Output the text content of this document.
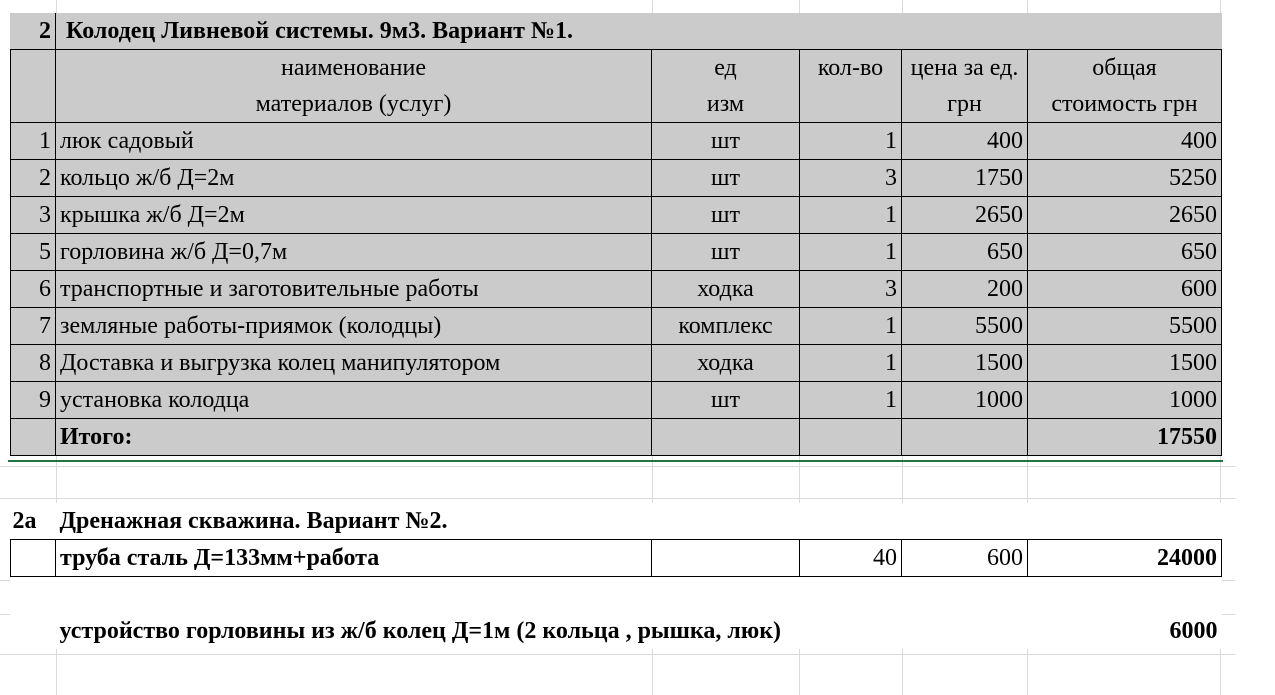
2	Колодец Ливневой системы. 9м3. Вариант №1.				
	наименование	ед	кол-во	цена за ед.	общая
	материалов (услуг)	изм		грн	стоимость грн
1	люк садовый	шт	1	400	400
2	кольцо ж/б Д=2м	шт	3	1750	5250
3	крышка ж/б Д=2м	шт	1	2650	2650
5	горловина ж/б Д=0,7м	шт	1	650	650
6	транспортные и заготовительные работы	ходка	3	200	600
7	земляные работы-приямок (колодцы)	комплекс	1	5500	5500
8	Доставка и выгрузка колец манипулятором	ходка	1	1500	1500
9	установка колодца	шт	1	1000	1000
	Итого:				17550
2а	Дренажная скважина. Вариант №2.				
	труба сталь Д=133мм+работа		40	600	24000

	устройство горловины из ж/б колец Д=1м (2 кольца , рышка, люк)				6000
